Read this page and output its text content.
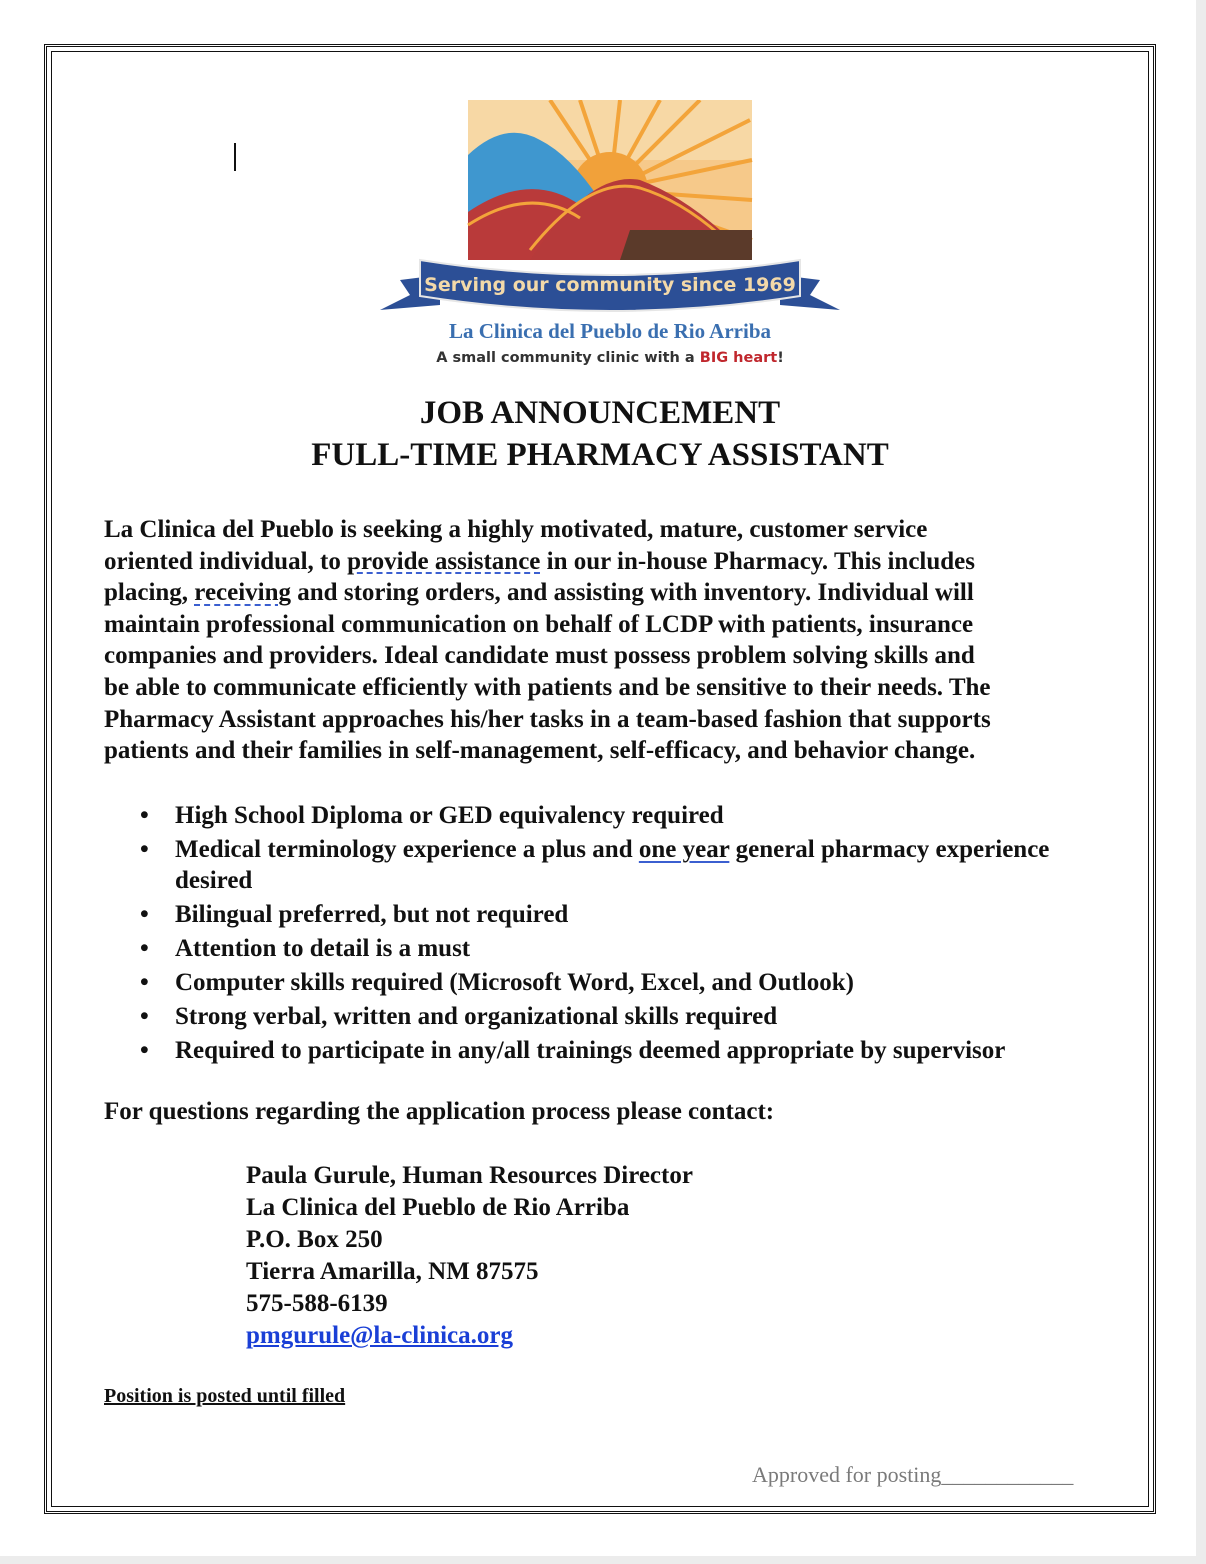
Serving our community since 1969
La Clinica del Pueblo de Rio Arriba
A small community clinic with a BIG heart!
JOB ANNOUNCEMENT
FULL-TIME PHARMACY ASSISTANT
La Clinica del Pueblo is seeking a highly motivated, mature, customer service
oriented individual, to provide assistance in our in-house Pharmacy. This includes
placing, receiving and storing orders, and assisting with inventory. Individual will
maintain professional communication on behalf of LCDP with patients, insurance
companies and providers. Ideal candidate must possess problem solving skills and
be able to communicate efficiently with patients and be sensitive to their needs. The
Pharmacy Assistant approaches his/her tasks in a team-based fashion that supports
patients and their families in self-management, self-efficacy, and behavior change.
• High School Diploma or GED equivalency required
• Medical terminology experience a plus and one year general pharmacy experience desired
• Bilingual preferred, but not required
• Attention to detail is a must
• Computer skills required (Microsoft Word, Excel, and Outlook)
• Strong verbal, written and organizational skills required
• Required to participate in any/all trainings deemed appropriate by supervisor
For questions regarding the application process please contact:
Paula Gurule, Human Resources Director
La Clinica del Pueblo de Rio Arriba
P.O. Box 250
Tierra Amarilla, NM 87575
575-588-6139
pmgurule@la-clinica.org
Position is posted until filled
Approved for posting____________
